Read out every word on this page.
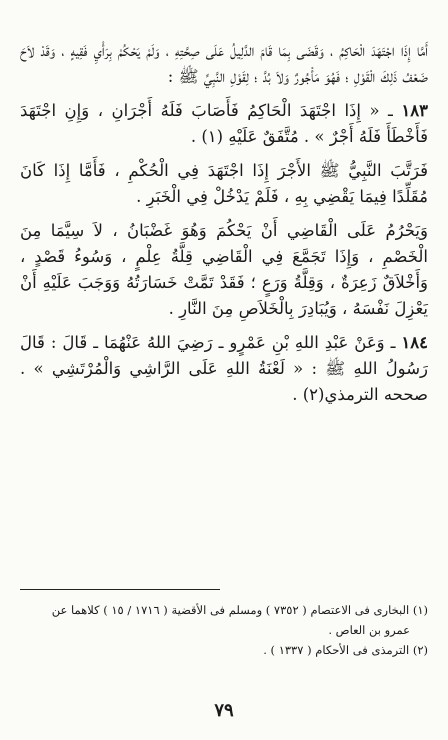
أَمَّا إِذَا اجْتَهَدَ الْحَاكِمُ ، وَقَضَى بِمَا قَامَ الدَّلِيلُ عَلَى صِحَّتِهِ ، وَلَمْ يَحْكُمْ بِرَأْيِ فَقِيهٍ ، وَقَدْ لاَحَ ضَعْفُ ذَلِكَ الْقَوْلِ ؛ فَهُوَ مَأْجُورٌ وَلاَ بُدَّ ؛ لِقَوْلِ النَّبِيِّ ﷺ :

١٨٣ ـ « إِذَا اجْتَهَدَ الْحَاكِمُ فَأَصَابَ فَلَهُ أَجْرَانِ ، وَإِنِ اجْتَهَدَ فَأَخْطَأَ فَلَهُ أَجْرٌ » . مُتَّفَقٌ عَلَيْهِ (١) .

فَرَتَّبَ النَّبِيُّ ﷺ الأَجْرَ إِذَا اجْتَهَدَ فِي الْحُكْمِ ، فَأَمَّا إِذَا كَانَ مُقَلِّدًا فِيمَا يَقْضِي بِهِ ، فَلَمْ يَدْخُلْ فِي الْخَبَرِ .

وَيَحْرُمُ عَلَى الْقَاضِي أَنْ يَحْكُمَ وَهُوَ غَضْبَانُ ، لاَ سِيَّمَا مِنَ الْخَصْمِ ، وَإِذَا تَجَمَّعَ فِي الْقَاضِي قِلَّةُ عِلْمٍ ، وَسُوءُ قَصْدٍ ، وَأَخْلاَقٌ زَعِرَةٌ ، وَقِلَّةُ وَرَعٍ ؛ فَقَدْ تَمَّتْ خَسَارَتُهُ وَوَجَبَ عَلَيْهِ أَنْ يَعْزِلَ نَفْسَهُ ، وَيُبَادِرَ بِالْخَلاَصِ مِنَ النَّارِ .

١٨٤ ـ وَعَنْ عَبْدِ اللهِ بْنِ عَمْرٍو ـ رَضِيَ اللهُ عَنْهُمَا ـ قَالَ : قَالَ رَسُولُ اللهِ ﷺ : « لَعْنَةُ اللهِ عَلَى الرَّاشِي وَالْمُرْتَشِي » . صححه الترمذي(٢) .

(١) البخارى فى الاعتصام ( ٧٣٥٢ ) ومسلم فى الأقضية ( ١٧١٦ / ١٥ ) كلاهما عن

عمرو بن العاص .

(٢) الترمذى فى الأحكام ( ١٣٣٧ ) .

٧٩
